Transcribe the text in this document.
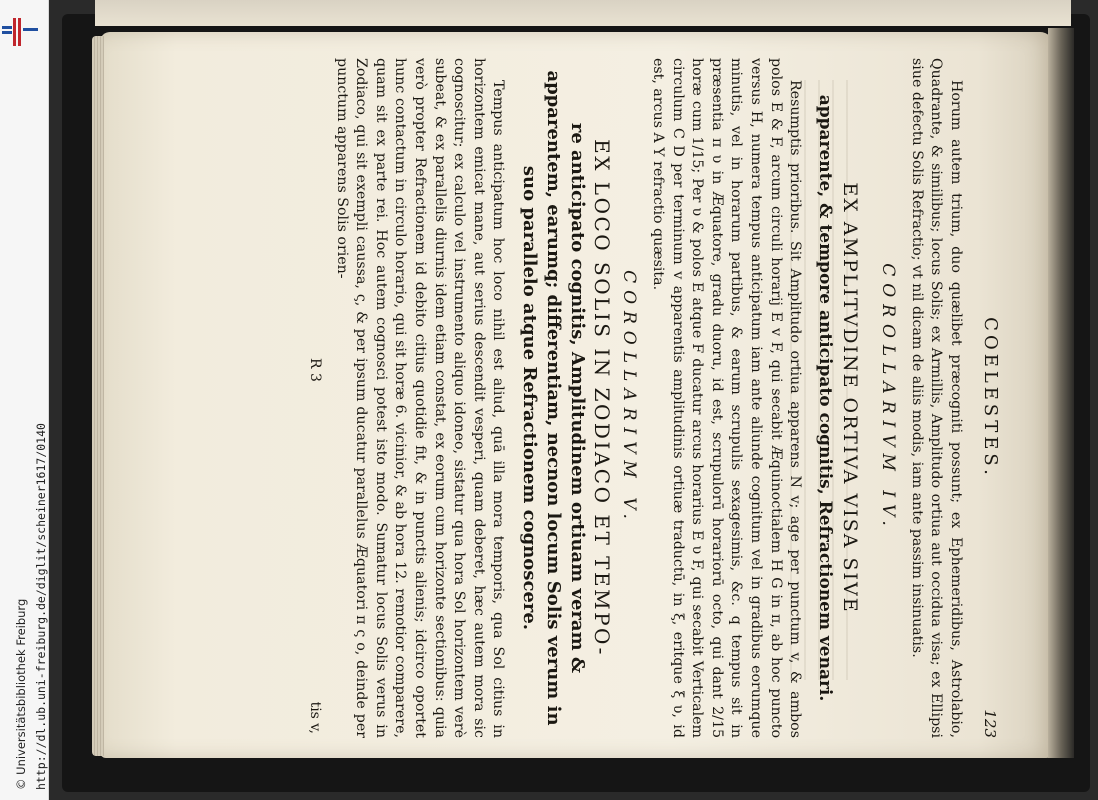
http://dl.ub.uni-freiburg.de/diglit/scheiner1617/0140
© Universitätsbibliothek Freiburg
COELESTES.
123

Horum autem trium, duo quælibet præcogniti possunt; ex Ephemeridibus, Astrolabio, Quadrante, & similibus; locus Solis; ex Armillis, Amplitudo ortiua aut occidua visa; ex Ellipsi siue defectu Solis Refractio; vt nil dicam de aliis modis, iam ante passim insinuatis.

COROLLARIVM IV.
EX AMPLITVDINE ORTIVA VISA SIVE
apparente, & tempore anticipato cognitis, Refractionem venari.

Resumptis prioribus. Sit Amplitudo ortiua apparens N v; age per punctum v, & ambos polos E & F, arcum circuli horarij E v F, qui secabit Æquinoctialem H G in π, ab hoc puncto versus H, numera tempus anticipatum iam ante aliunde cognitum vel in gradibus eorumque minutis, vel in horarum partibus, & earum scrupulis sexagesimis, &c. q tempus sit in præsentia π υ in Æquatore, gradu duoru, id est, scrupulorū horariorū octo, qui dant 2/15 horæ cum 1/15; Per υ & polos E atque F ducatur arcus horarius E υ F, qui secabit Verticalem circulum C D per terminum v apparentis amplitudinis ortiuæ traductū, in ξ, eritque ξ υ, id est, arcus A Y refractio quæsita.

COROLLARIVM V.
EX LOCO SOLIS IN ZODIACO ET TEMPO-
re anticipato cognitis, Amplitudinem ortiuam veram & apparentem, earumq; differentiam, necnon locum Solis verum in suo parallelo atque Refractionem cognoscere.

Tempus anticipatum hoc loco nihil est aliud, quā illa mora temporis, qua Sol citius in horizontem emicat mane, aut serius descendit vesperi, quam deberet, hæc autem mora sic cognoscitur; ex calculo vel instrumento aliquo idoneo, sistatur qua hora Sol horizontem verè subeat, & ex parallelis diurnis idem etiam constat, ex eorum cum horizonte sectionibus: quia verò propter Refractionem id debito citius quotidie fit, & in punctis alienis; idcirco oportet hunc contactum in circulo horario, qui sit horæ 6. vicinior, & ab hora 12. remotior comparere, quam sit ex parte rei. Hoc autem cognosci potest isto modo. Sumatur locus Solis verus in Zodiaco, qui sit exempli caussa, ς, & per ipsum ducatur parallelus Æquatori π ς o, deinde per punctum apparens Solis orien-

R 3
tis v,
